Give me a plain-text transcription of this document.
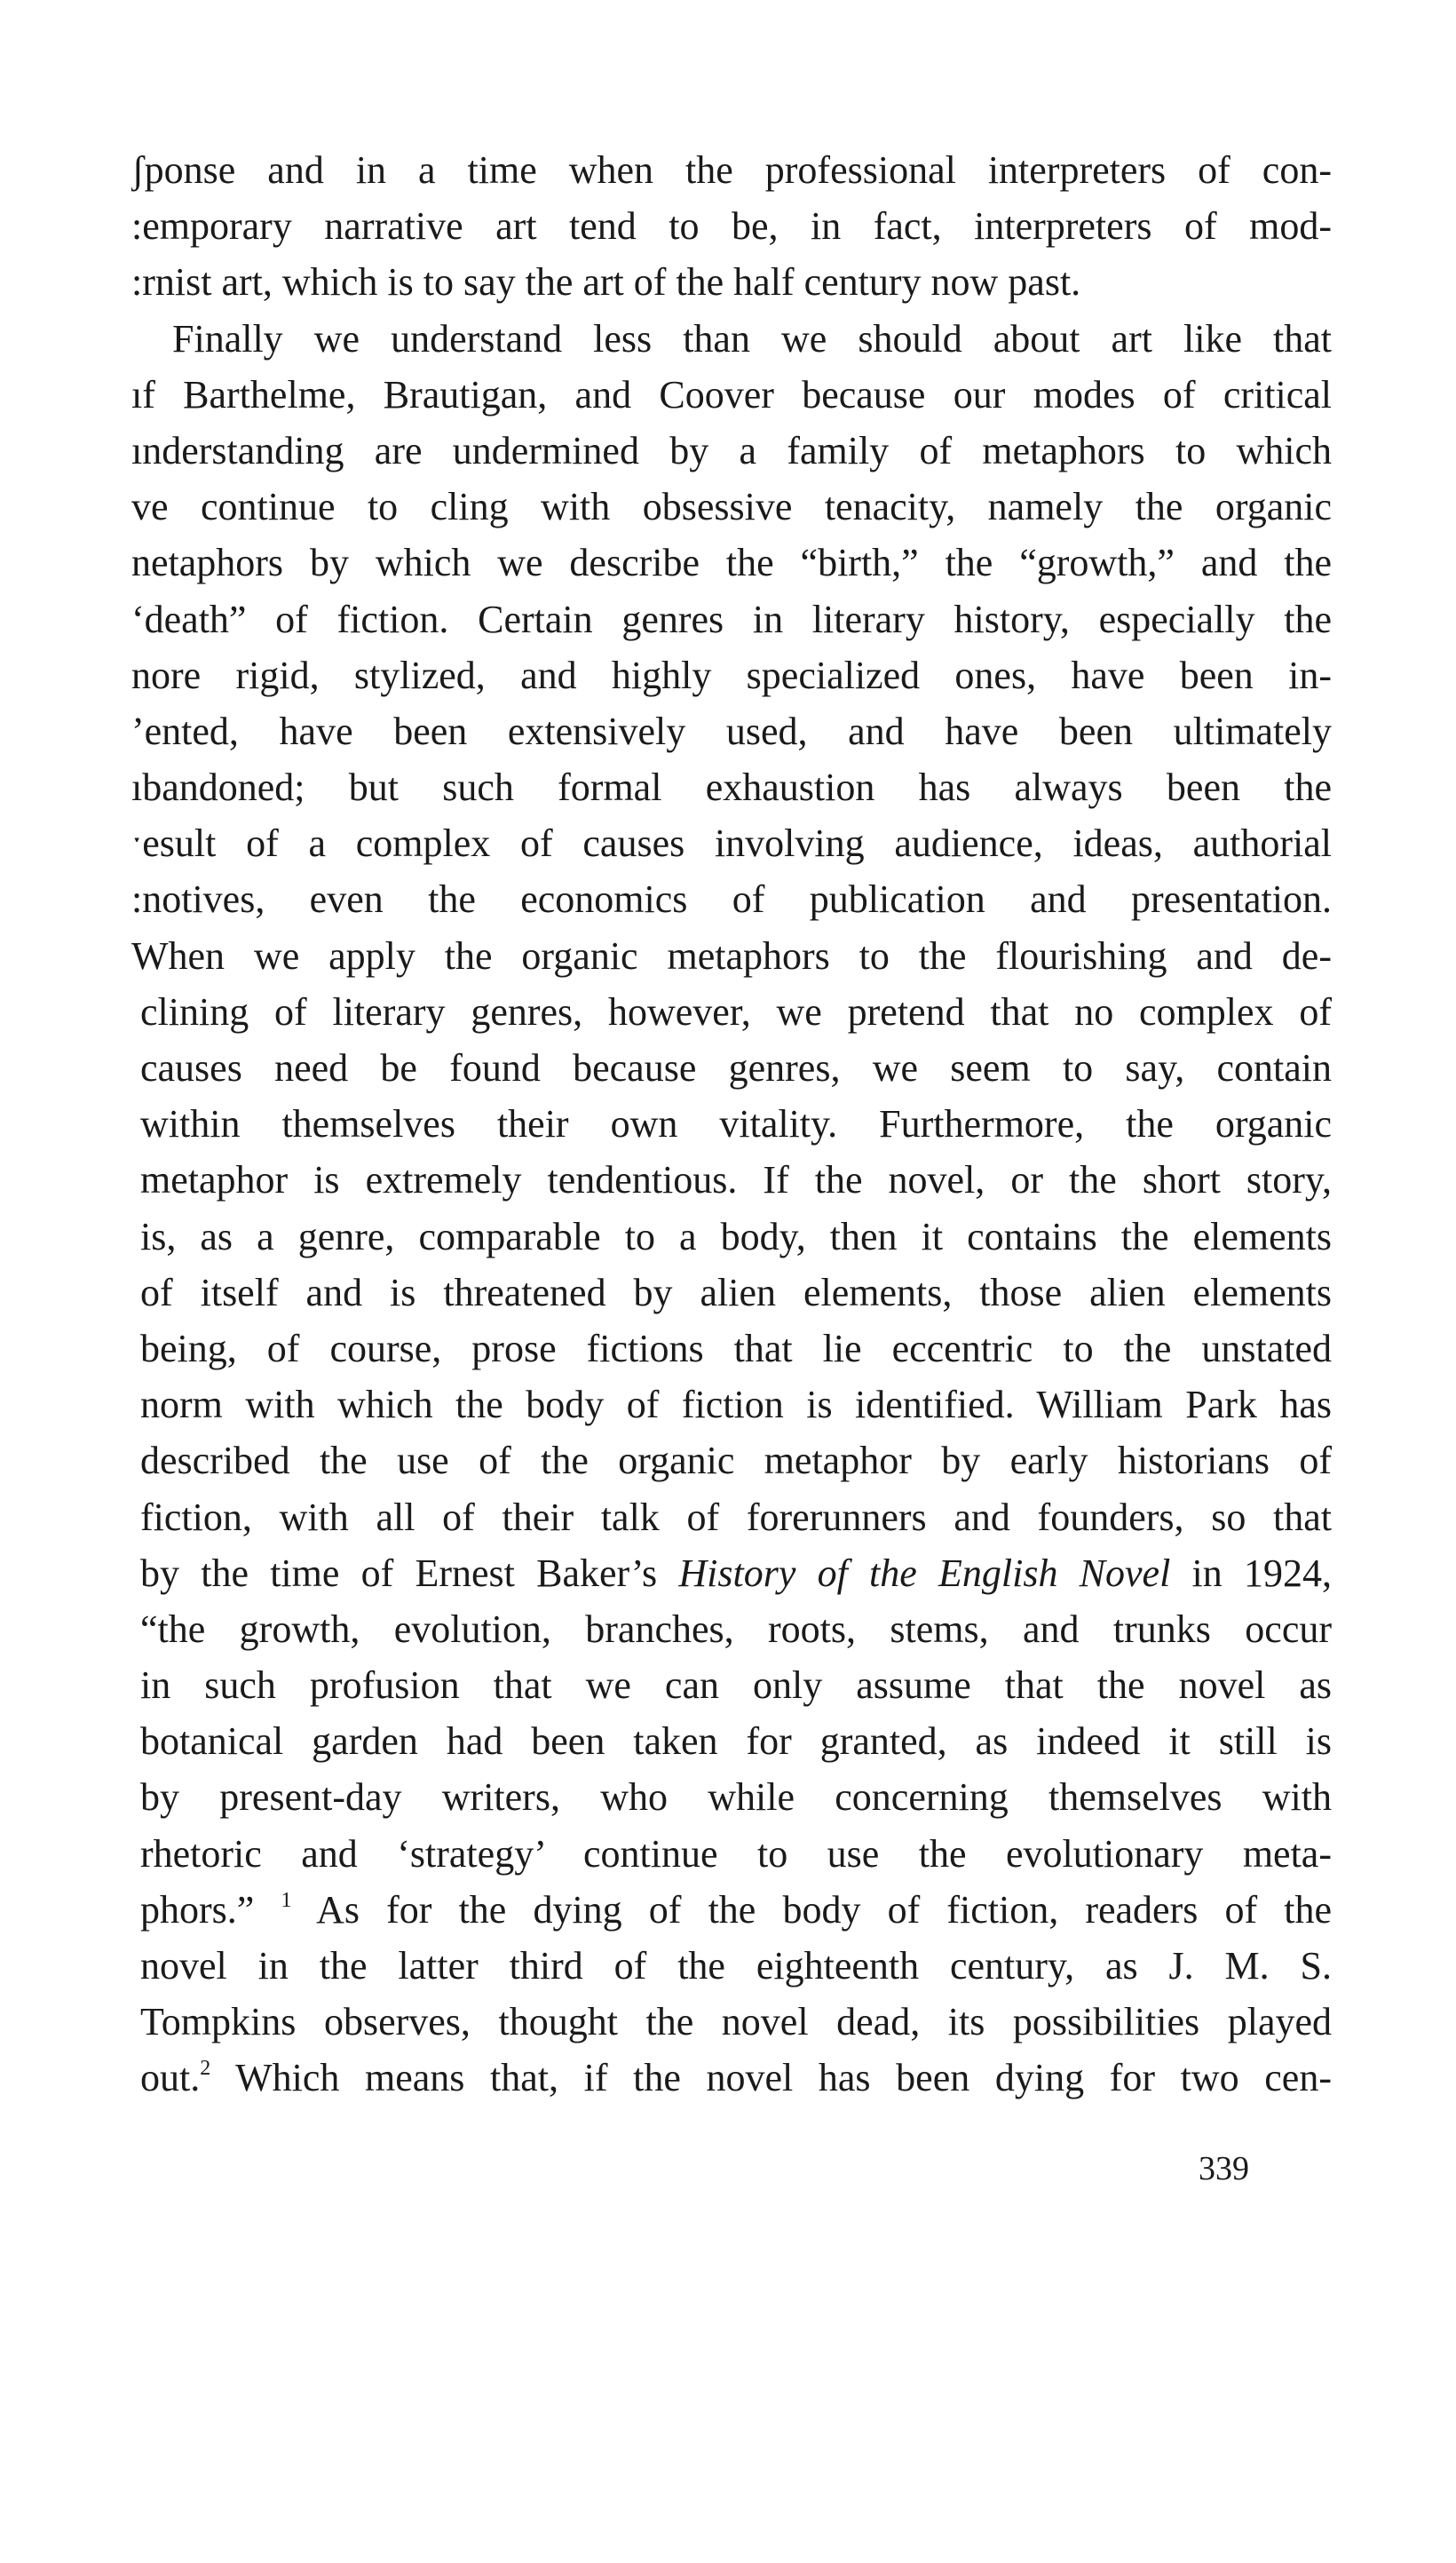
ʃponse and in a time when the professional interpreters of con-
:emporary narrative art tend to be, in fact, interpreters of mod-
:rnist art, which is to say the art of the half century now past.
Finally we understand less than we should about art like that
ıf Barthelme, Brautigan, and Coover because our modes of critical
ınderstanding are undermined by a family of metaphors to which
ve continue to cling with obsessive tenacity, namely the organic
netaphors by which we describe the “birth,” the “growth,” and the
‘death” of fiction. Certain genres in literary history, especially the
nore rigid, stylized, and highly specialized ones, have been in-
ʼented, have been extensively used, and have been ultimately
ıbandoned; but such formal exhaustion has always been the
ˑesult of a complex of causes involving audience, ideas, authorial
:notives, even the economics of publication and presentation.
When we apply the organic metaphors to the flourishing and de-
clining of literary genres, however, we pretend that no complex of
causes need be found because genres, we seem to say, contain
within themselves their own vitality. Furthermore, the organic
metaphor is extremely tendentious. If the novel, or the short story,
is, as a genre, comparable to a body, then it contains the elements
of itself and is threatened by alien elements, those alien elements
being, of course, prose fictions that lie eccentric to the unstated
norm with which the body of fiction is identified. William Park has
described the use of the organic metaphor by early historians of
fiction, with all of their talk of forerunners and founders, so that
by the time of Ernest Baker’s History of the English Novel in 1924,
“the growth, evolution, branches, roots, stems, and trunks occur
in such profusion that we can only assume that the novel as
botanical garden had been taken for granted, as indeed it still is
by present-day writers, who while concerning themselves with
rhetoric and ‘strategy’ continue to use the evolutionary meta-
phors.” $^1$ As for the dying of the body of fiction, readers of the
novel in the latter third of the eighteenth century, as J. M. S.
Tompkins observes, thought the novel dead, its possibilities played
out.$^2$ Which means that, if the novel has been dying for two cen-
339
